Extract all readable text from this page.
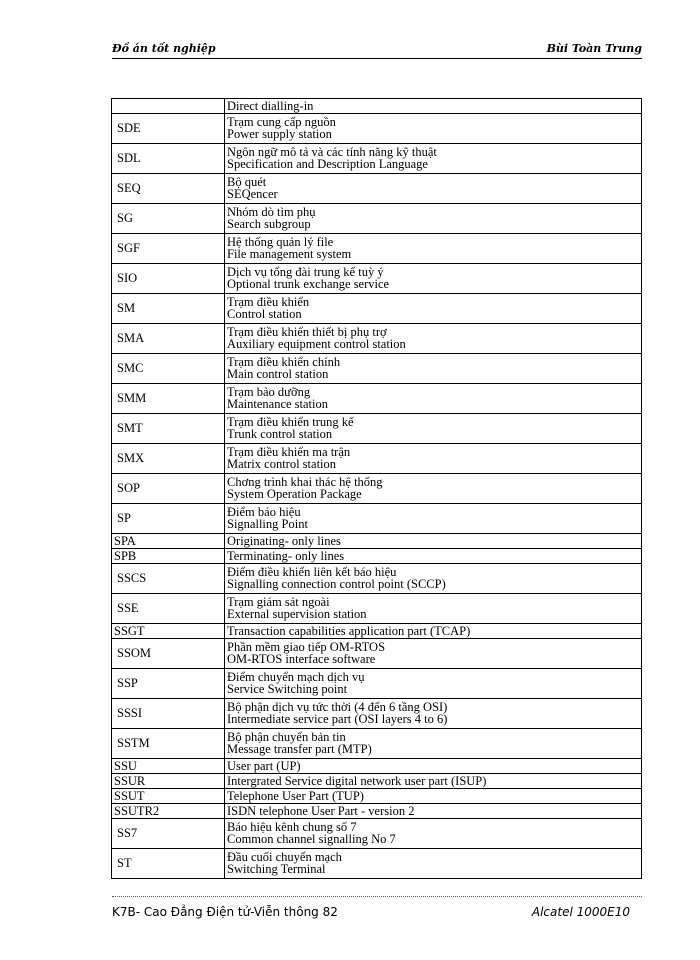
Đồ án tốt nghiệp	Bùi Toàn Trung

	Direct dialling-in

SDE	Trạm cung cấp nguồn
Power supply station

SDL	Ngôn ngữ mô tả và các tính năng kỹ thuật
Specification and Description Language

SEQ	Bộ quét
SEQencer

SG	Nhóm dò tìm phụ
Search subgroup

SGF	Hệ thống quản lý file
File management system

SIO	Dịch vụ tổng đài trung kế tuỳ ý
Optional trunk exchange service

SM	Trạm điều khiển
Control station

SMA	Trạm điều khiển thiết bị phụ trợ
Auxiliary equipment control station

SMC	Trạm điều khiển chính
Main control station

SMM	Trạm bảo dưỡng
Maintenance station

SMT	Trạm điều khiển trung kế
Trunk control station

SMX	Trạm điều khiển ma trận
Matrix control station

SOP	Chơng trình khai thác hệ thống
System Operation Package

SP	Điểm báo hiệu
Signalling Point

SPA	Originating- only lines

SPB	Terminating- only lines

SSCS	Điểm điều khiển liên kết báo hiệu
Signalling connection control point (SCCP)

SSE	Trạm giám sát ngoài
External supervision station

SSGT	Transaction capabilities application part (TCAP)

SSOM	Phần mềm giao tiếp OM-RTOS
OM-RTOS interface software

SSP	Điểm chuyển mạch dịch vụ
Service Switching point

SSSI	Bộ phận dịch vụ tức thời (4 đến 6 tầng OSI)
Intermediate service part (OSI layers 4 to 6)

SSTM	Bộ phận chuyển bản tin
Message transfer part (MTP)

SSU	User part (UP)

SSUR	Intergrated Service digital network user part (ISUP)

SSUT	Telephone User Part (TUP)

SSUTR2	ISDN telephone User Part - version 2

SS7	Báo hiệu kênh chung số 7
Common channel signalling No 7

ST	Đầu cuối chuyển mạch
Switching Terminal
K7B- Cao Đẳng Điện tử-Viễn thông 82	Alcatel 1000E10
